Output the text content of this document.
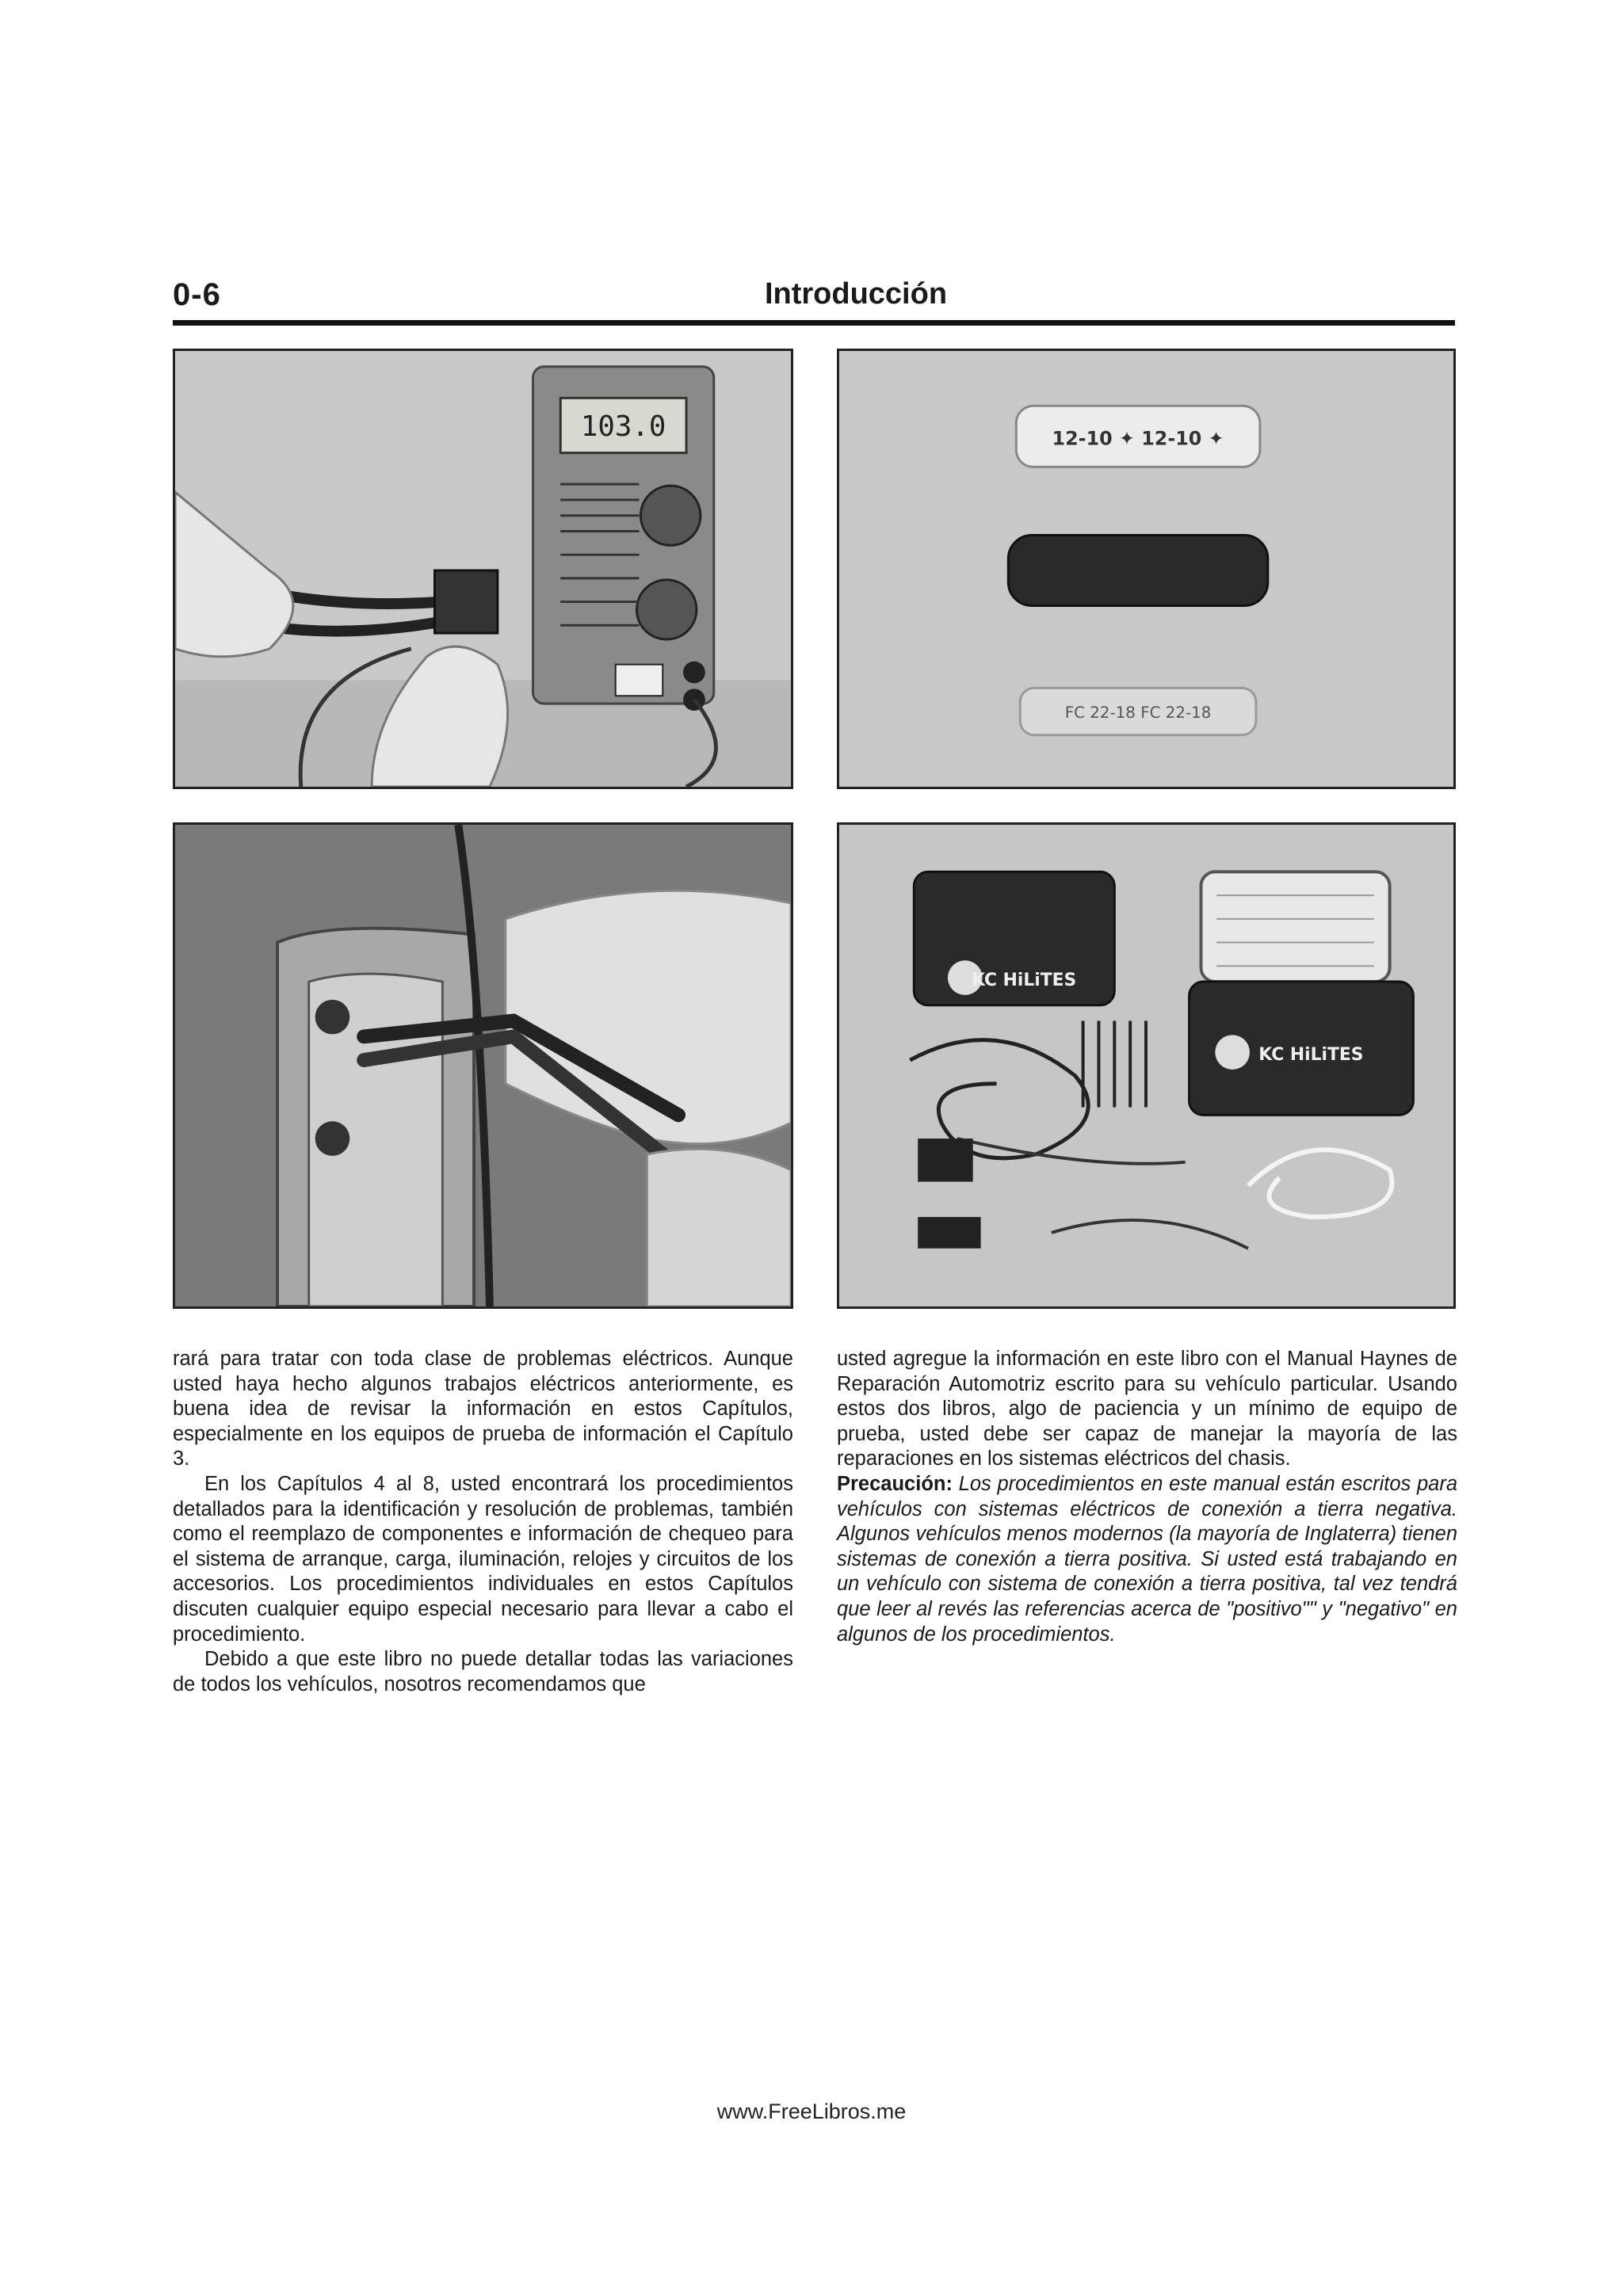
0-6	Introducción
103.0	12-10 ✦ 12-10 ✦
FC 22-18 FC 22-18
KC HiLiTES
KC HiLiTES

rará para tratar con toda clase de problemas eléctricos. Aunque usted haya hecho algunos trabajos eléctricos anteriormente, es buena idea de revisar la información en estos Capítulos, especialmente en los equipos de prueba de información el Capítulo 3.

En los Capítulos 4 al 8, usted encontrará los procedimientos detallados para la identificación y resolución de problemas, también como el reemplazo de componentes e información de chequeo para el sistema de arranque, carga, iluminación, relojes y circuitos de los accesorios. Los procedimientos individuales en estos Capítulos discuten cualquier equipo especial necesario para llevar a cabo el procedimiento.

Debido a que este libro no puede detallar todas las variaciones de todos los vehículos, nosotros recomendamos que

usted agregue la información en este libro con el Manual Haynes de Reparación Automotriz escrito para su vehículo particular. Usando estos dos libros, algo de paciencia y un mínimo de equipo de prueba, usted debe ser capaz de manejar la mayoría de las reparaciones en los sistemas eléctricos del chasis.

Precaución: Los procedimientos en este manual están escritos para vehículos con sistemas eléctricos de conexión a tierra negativa. Algunos vehículos menos modernos (la mayoría de Inglaterra) tienen sistemas de conexión a tierra positiva. Si usted está trabajando en un vehículo con sistema de conexión a tierra positiva, tal vez tendrá que leer al revés las referencias acerca de "positivo"" y "negativo" en algunos de los procedimientos.

www.FreeLibros.me
